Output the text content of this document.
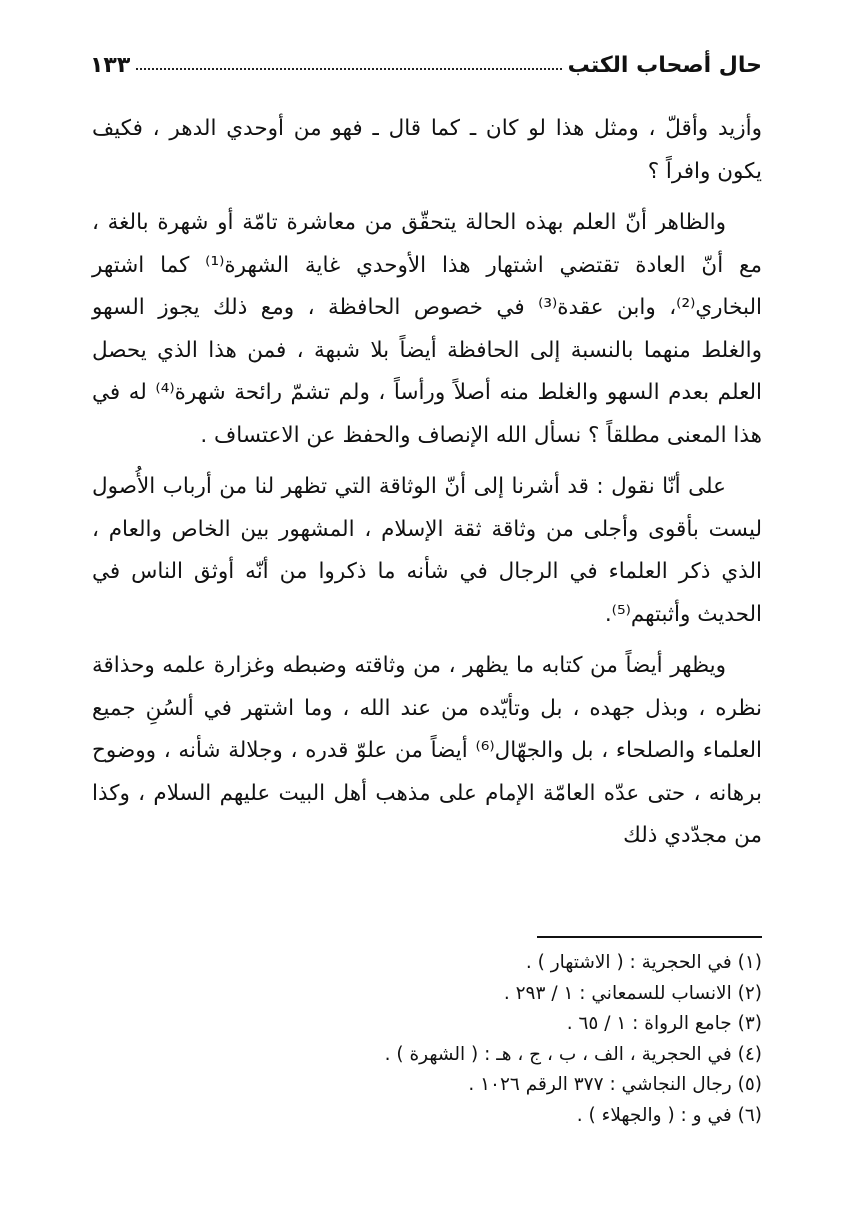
حال أصحاب الكتب
١٣٣

وأزيد وأقلّ ، ومثل هذا لو كان ـ كما قال ـ فهو من أوحدي الدهر ، فكيف يكون وافراً ؟

والظاهر أنّ العلم بهذه الحالة يتحقّق من معاشرة تامّة أو شهرة بالغة ، مع أنّ العادة تقتضي اشتهار هذا الأوحدي غاية الشهرة⁽¹⁾ كما اشتهر البخاري⁽²⁾، وابن عقدة⁽³⁾ في خصوص الحافظة ، ومع ذلك يجوز السهو والغلط منهما بالنسبة إلى الحافظة أيضاً بلا شبهة ، فمن هذا الذي يحصل العلم بعدم السهو والغلط منه أصلاً ورأساً ، ولم تشمّ رائحة شهرة⁽⁴⁾ له في هذا المعنى مطلقاً ؟ نسأل الله الإنصاف والحفظ عن الاعتساف .

على أنّا نقول : قد أشرنا إلى أنّ الوثاقة التي تظهر لنا من أرباب الأُصول ليست بأقوى وأجلى من وثاقة ثقة الإسلام ، المشهور بين الخاص والعام ، الذي ذكر العلماء في الرجال في شأنه ما ذكروا من أنّه أوثق الناس في الحديث وأثبتهم⁽⁵⁾.

ويظهر أيضاً من كتابه ما يظهر ، من وثاقته وضبطه وغزارة علمه وحذاقة نظره ، وبذل جهده ، بل وتأيّده من عند الله ، وما اشتهر في ألسُنِ جميع العلماء والصلحاء ، بل والجهّال⁽⁶⁾ أيضاً من علوّ قدره ، وجلالة شأنه ، ووضوح برهانه ، حتى عدّه العامّة الإمام على مذهب أهل البيت عليهم السلام ، وكذا من مجدّدي ذلك

(١) في الحجرية : ( الاشتهار ) .
(٢) الانساب للسمعاني : ١ / ٢٩٣ .
(٣) جامع الرواة : ١ / ٦٥ .
(٤) في الحجرية ، الف ، ب ، ج ، هـ : ( الشهرة ) .
(٥) رجال النجاشي : ٣٧٧ الرقم ١٠٢٦ .
(٦) في و : ( والجهلاء ) .
